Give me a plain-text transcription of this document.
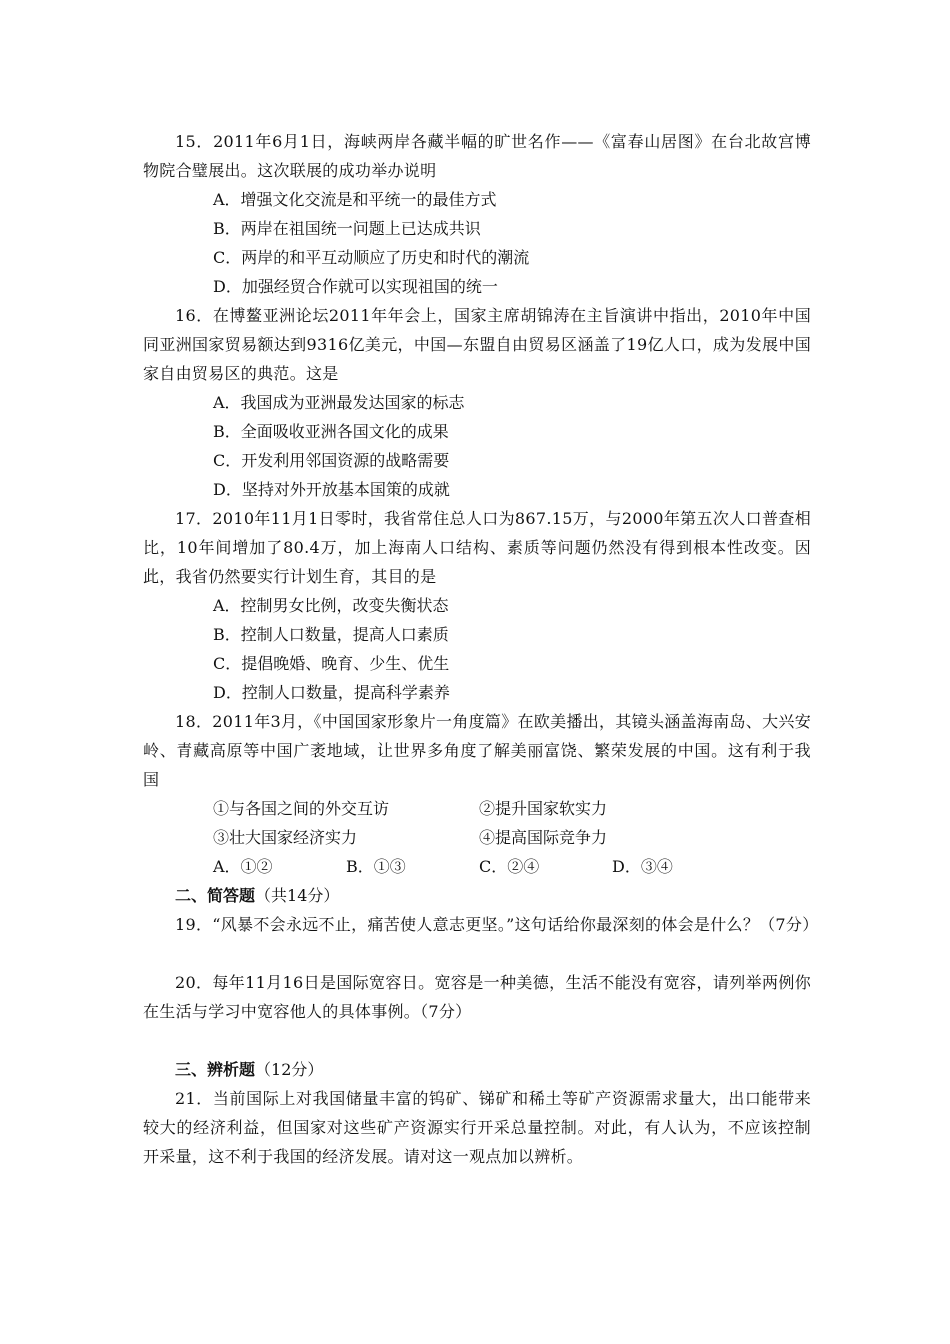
15．2011年6月1日，海峡两岸各藏半幅的旷世名作——《富春山居图》在台北故宫博物院合璧展出。这次联展的成功举办说明

A．增强文化交流是和平统一的最佳方式

B．两岸在祖国统一问题上已达成共识

C．两岸的和平互动顺应了历史和时代的潮流

D．加强经贸合作就可以实现祖国的统一

16．在博鳌亚洲论坛2011年年会上，国家主席胡锦涛在主旨演讲中指出，2010年中国同亚洲国家贸易额达到9316亿美元，中国—东盟自由贸易区涵盖了19亿人口，成为发展中国家自由贸易区的典范。这是

A．我国成为亚洲最发达国家的标志

B．全面吸收亚洲各国文化的成果

C．开发利用邻国资源的战略需要

D．坚持对外开放基本国策的成就

17．2010年11月1日零时，我省常住总人口为867.15万，与2000年第五次人口普查相比，10年间增加了80.4万，加上海南人口结构、素质等问题仍然没有得到根本性改变。因此，我省仍然要实行计划生育，其目的是

A．控制男女比例，改变失衡状态

B．控制人口数量，提高人口素质

C．提倡晚婚、晚育、少生、优生

D．控制人口数量，提高科学素养

18．2011年3月，《中国国家形象片一角度篇》在欧美播出，其镜头涵盖海南岛、大兴安岭、青藏高原等中国广袤地域，让世界多角度了解美丽富饶、繁荣发展的中国。这有利于我国

①与各国之间的外交互访	②提升国家软实力
③壮大国家经济实力	④提高国际竞争力
A．①②	B．①③	C．②④	D．③④

二、简答题（共14分）

19．“风暴不会永远不止，痛苦使人意志更坚。”这句话给你最深刻的体会是什么？（7分）

20．每年11月16日是国际宽容日。宽容是一种美德，生活不能没有宽容，请列举两例你在生活与学习中宽容他人的具体事例。（7分）

三、辨析题（12分）

21．当前国际上对我国储量丰富的钨矿、锑矿和稀土等矿产资源需求量大，出口能带来较大的经济利益，但国家对这些矿产资源实行开采总量控制。对此，有人认为，不应该控制开采量，这不利于我国的经济发展。请对这一观点加以辨析。
